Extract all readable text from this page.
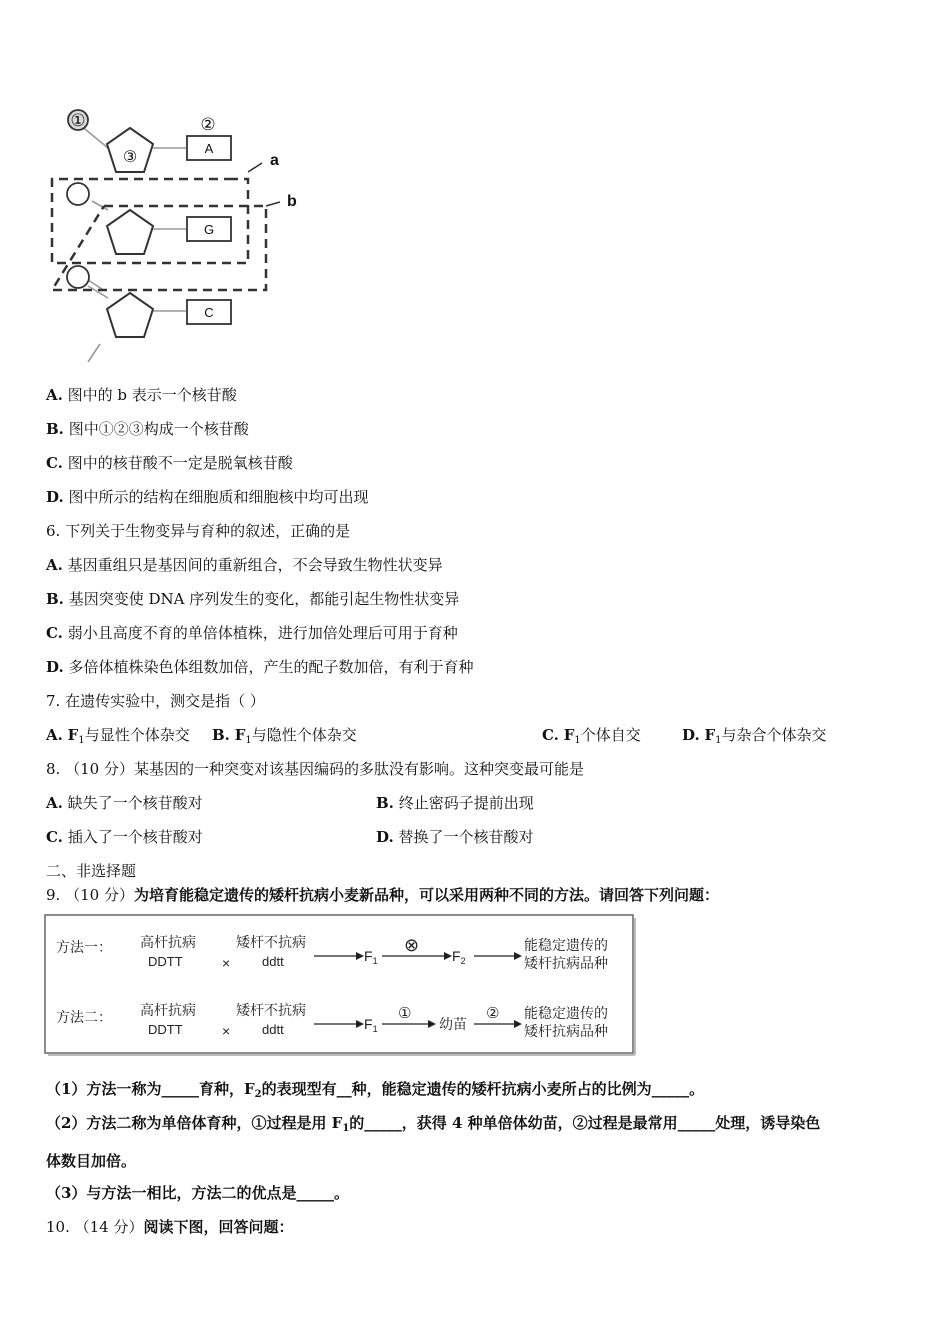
①
③
②
A
G
C
a
b
A. 图中的 b 表示一个核苷酸
B. 图中①②③构成一个核苷酸
C. 图中的核苷酸不一定是脱氧核苷酸
D. 图中所示的结构在细胞质和细胞核中均可出现
6. 下列关于生物变异与育种的叙述，正确的是
A. 基因重组只是基因间的重新组合，不会导致生物性状变异
B. 基因突变使 DNA 序列发生的变化，都能引起生物性状变异
C. 弱小且高度不育的单倍体植株，进行加倍处理后可用于育种
D. 多倍体植株染色体组数加倍，产生的配子数加倍，有利于育种
7. 在遗传实验中，测交是指（ ）
A. $F_1$与显性个体杂交 B. $F_1$与隐性个体杂交	C. $F_1$个体自交	D. $F_1$与杂合个体杂交
8. （10 分）某基因的一种突变对该基因编码的多肽没有影响。这种突变最可能是
A. 缺失了一个核苷酸对	B. 终止密码子提前出现
C. 插入了一个核苷酸对	D. 替换了一个核苷酸对
二、非选择题
9. （10 分）为培育能稳定遗传的矮杆抗病小麦新品种，可以采用两种不同的方法。请回答下列问题：
方法一： 高杆抗病
DDTT	×
矮杆不抗病
ddtt	$F_1$
⊗
$F_2$
能稳定遗传的
矮杆抗病品种
方法二： 高杆抗病
DDTT	×
矮杆不抗病
ddtt	$F_1$
①
幼苗
② 能稳定遗传的
矮杆抗病品种
（1）方法一称为_____育种，$F_2$的表现型有__种，能稳定遗传的矮杆抗病小麦所占的比例为_____。
（2）方法二称为单倍体育种，①过程是用 $F_1$的_____，获得 4 种单倍体幼苗，②过程是最常用_____处理，诱导染色
体数目加倍。
（3）与方法一相比，方法二的优点是_____。
10. （14 分）阅读下图，回答问题：
